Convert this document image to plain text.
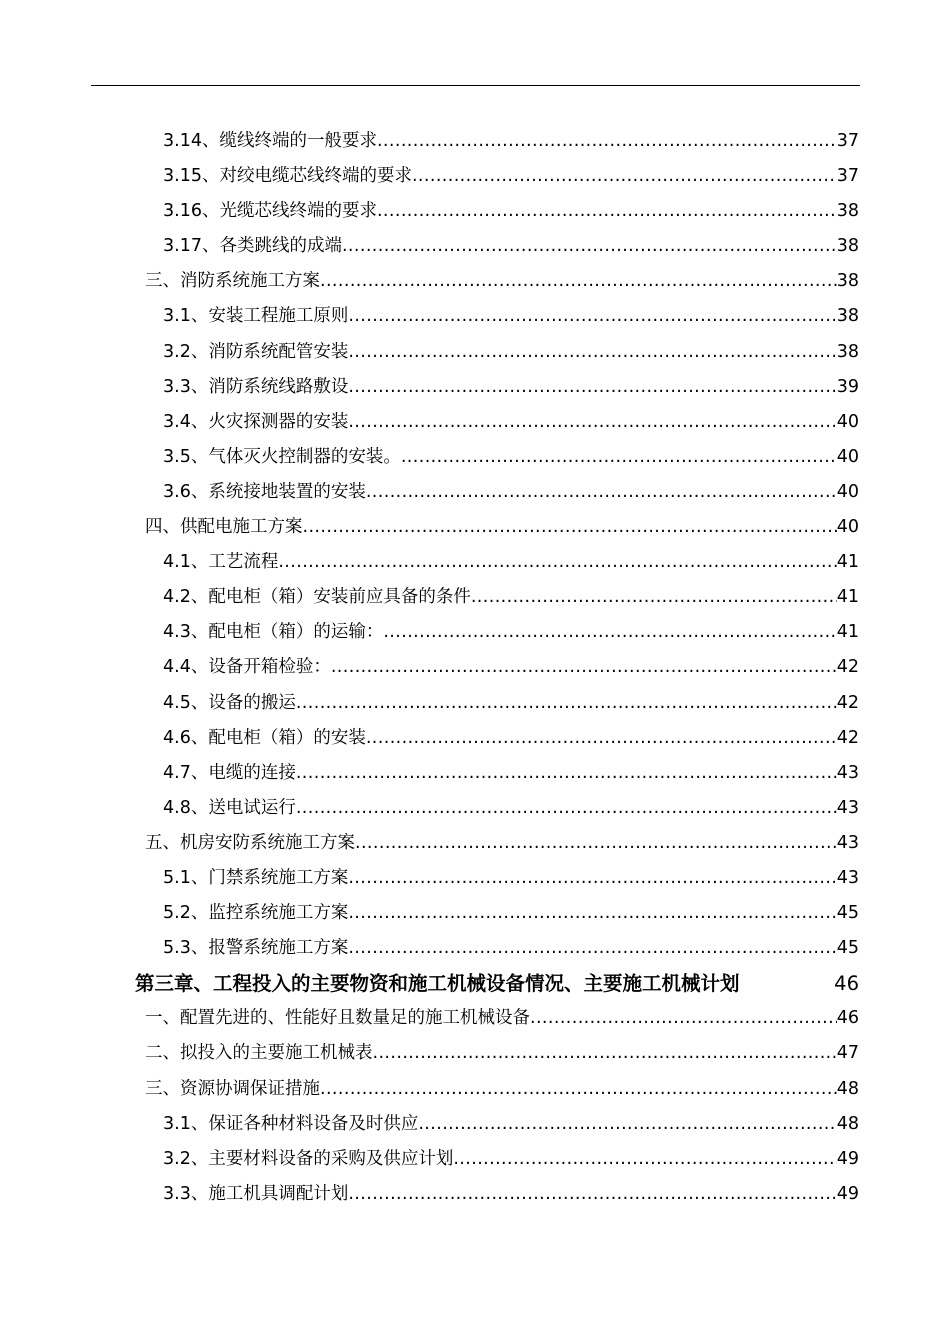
3.14、缆线终端的一般要求 .....	37
3.15、对绞电缆芯线终端的要求 .....	37
3.16、光缆芯线终端的要求 .....	38
3.17、各类跳线的成端 .....	38
三、消防系统施工方案 .....	38
3.1、安装工程施工原则 .....	38
3.2、消防系统配管安装 .....	38
3.3、消防系统线路敷设 .....	39
3.4、火灾探测器的安装 .....	40
3.5、气体灭火控制器的安装。 .....	40
3.6、系统接地装置的安装 .....	40
四、供配电施工方案 .....	40
4.1、工艺流程 .....	41
4.2、配电柜（箱）安装前应具备的条件 .....	41
4.3、配电柜（箱）的运输： .....	41
4.4、设备开箱检验： .....	42
4.5、设备的搬运 .....	42
4.6、配电柜（箱）的安装 .....	42
4.7、电缆的连接 .....	43
4.8、送电试运行 .....	43
五、机房安防系统施工方案 .....	43
5.1、门禁系统施工方案 .....	43
5.2、监控系统施工方案 .....	45
5.3、报警系统施工方案 .....	45
第三章、工程投入的主要物资和施工机械设备情况、主要施工机械计划	46
一、配置先进的、性能好且数量足的施工机械设备 .....	46
二、拟投入的主要施工机械表 .....	47
三、资源协调保证措施 .....	48
3.1、保证各种材料设备及时供应 .....	48
3.2、主要材料设备的采购及供应计划 .....	49
3.3、施工机具调配计划 .....	49
